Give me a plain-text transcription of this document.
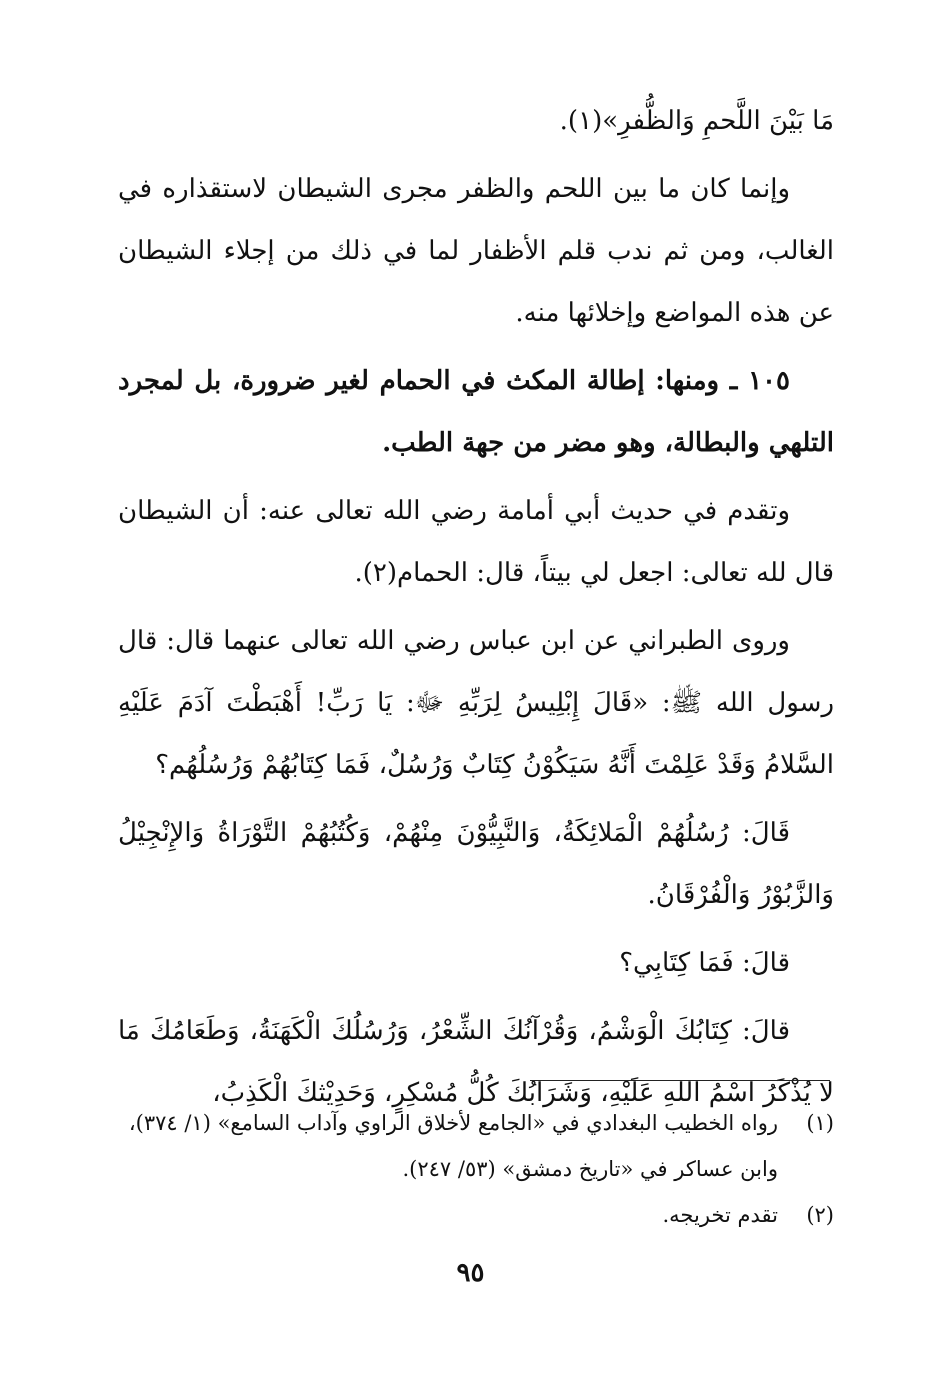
مَا بَيْنَ اللَّحمِ وَالظُّفرِ»(١).

وإنما كان ما بين اللحم والظفر مجرى الشيطان لاستقذاره في الغالب، ومن ثم ندب قلم الأظفار لما في ذلك من إجلاء الشيطان عن هذه المواضع وإخلائها منه.

١٠٥ ـ ومنها: إطالة المكث في الحمام لغير ضرورة، بل لمجرد التلهي والبطالة، وهو مضر من جهة الطب.

وتقدم في حديث أبي أمامة رضي الله تعالى عنه: أن الشيطان قال لله تعالى: اجعل لي بيتاً، قال: الحمام(٢).

وروى الطبراني عن ابن عباس رضي الله تعالى عنهما قال: قال رسول الله ﷺ: «قَالَ إِبْلِيسُ لِرَبِّهِ ﷻ: يَا رَبِّ! أَهْبَطْتَ آدَمَ عَلَيْهِ السَّلامُ وَقَدْ عَلِمْتَ أَنَّهُ سَيَكُوْنُ كِتَابٌ وَرُسُلٌ، فَمَا كِتَابُهُمْ وَرُسُلُهُم؟

قَالَ: رُسُلُهُمْ الْمَلائِكَةُ، وَالنَّبِيُّوْنَ مِنْهُمْ، وَكُتُبُهُمْ التَّوْرَاةُ وَالإِنْجِيْلُ وَالزَّبُوْرُ وَالْفُرْقَانُ.

قالَ: فَمَا كِتَابِي؟

قالَ: كِتَابُكَ الْوَشْمُ، وَقُرْآنُكَ الشِّعْرُ، وَرُسُلُكَ الْكَهَنَةُ، وَطَعَامُكَ مَا لا يُذْكَرُ اسْمُ اللهِ عَلَيْهِ، وَشَرَابُكَ كُلُّ مُسْكِرٍ، وَحَدِيْثكَ الْكَذِبُ،

(١)
رواه الخطيب البغدادي في «الجامع لأخلاق الراوي وآداب السامع» (١/ ٣٧٤)، وابن عساكر في «تاريخ دمشق» (٥٣/ ٢٤٧).
(٢)
تقدم تخريجه.
٩٥
